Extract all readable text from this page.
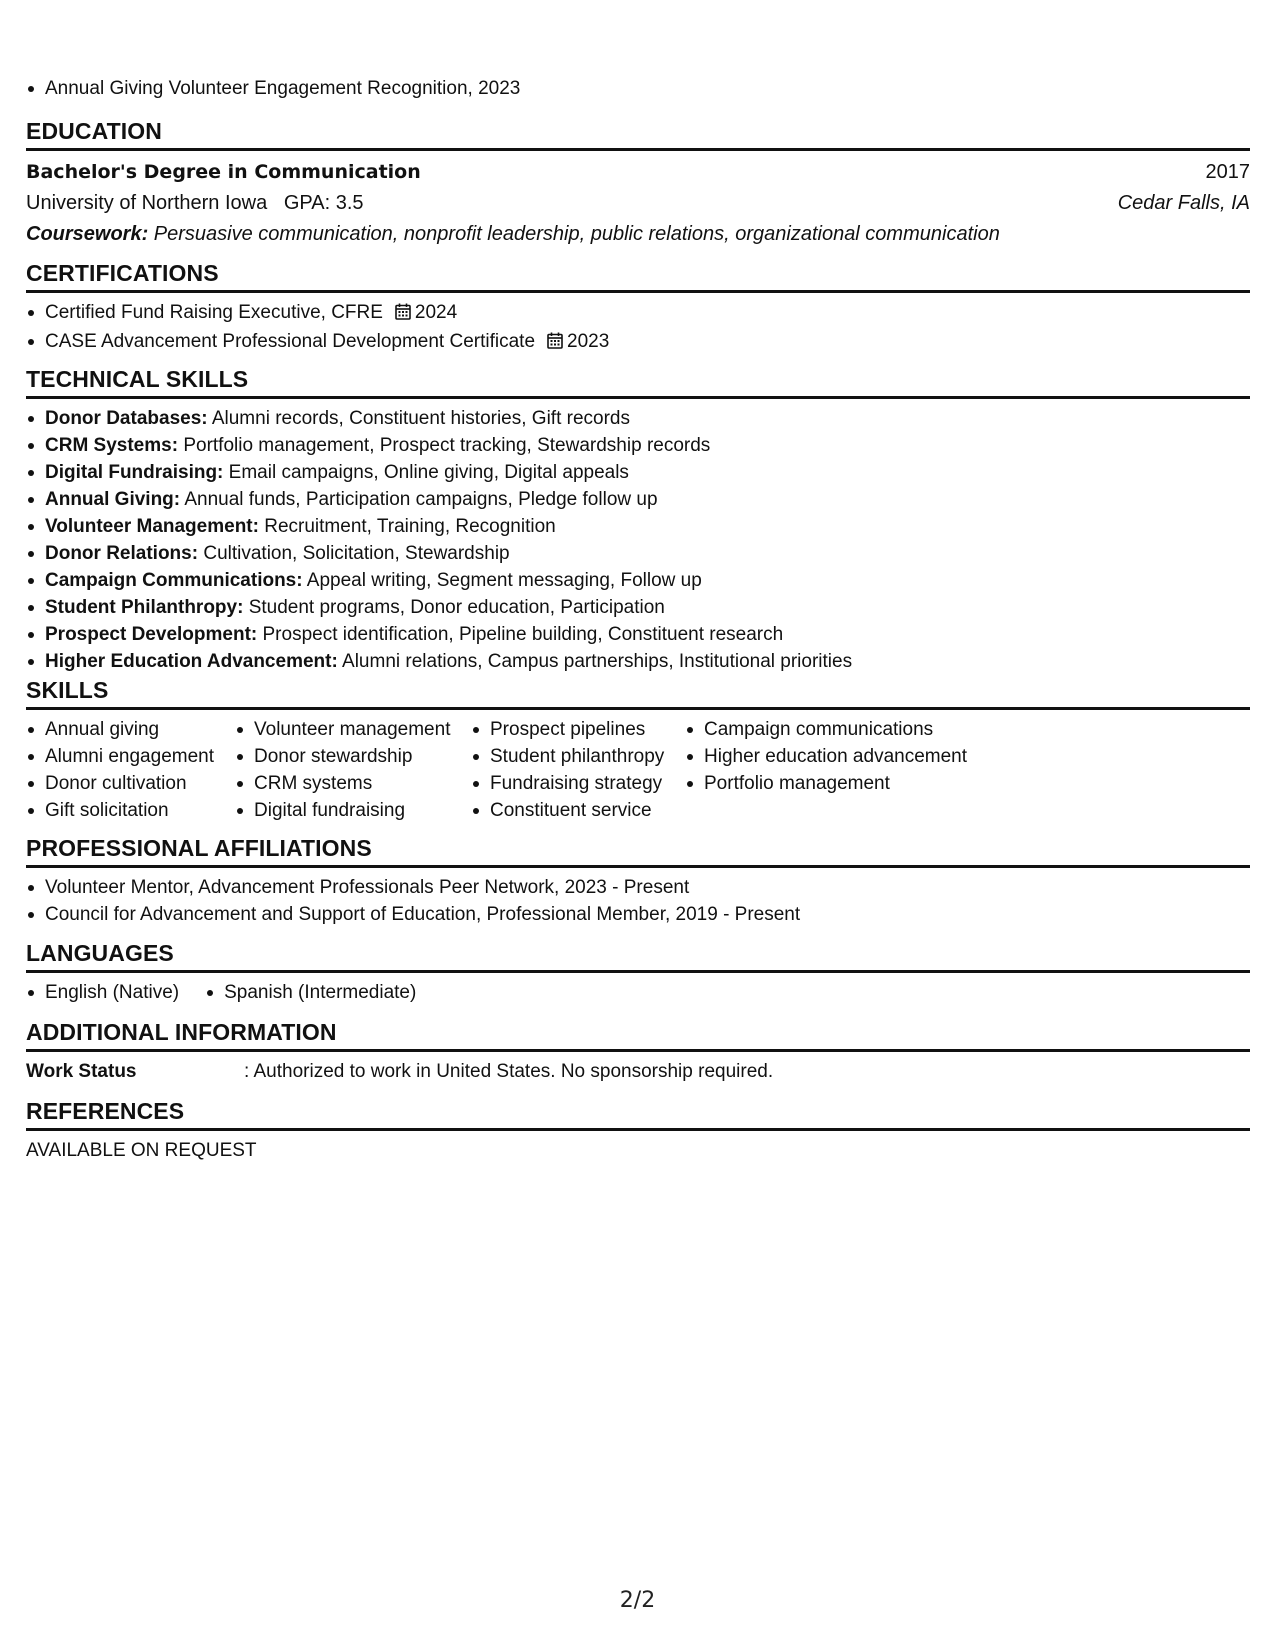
Annual Giving Volunteer Engagement Recognition, 2023
EDUCATION
Bachelor's Degree in Communication	2017
University of Northern Iowa   GPA: 3.5	Cedar Falls, IA
Coursework: Persuasive communication, nonprofit leadership, public relations, organizational communication
CERTIFICATIONS
Certified Fund Raising Executive, CFRE 2024
CASE Advancement Professional Development Certificate 2023
TECHNICAL SKILLS
Donor Databases: Alumni records, Constituent histories, Gift records
CRM Systems: Portfolio management, Prospect tracking, Stewardship records
Digital Fundraising: Email campaigns, Online giving, Digital appeals
Annual Giving: Annual funds, Participation campaigns, Pledge follow up
Volunteer Management: Recruitment, Training, Recognition
Donor Relations: Cultivation, Solicitation, Stewardship
Campaign Communications: Appeal writing, Segment messaging, Follow up
Student Philanthropy: Student programs, Donor education, Participation
Prospect Development: Prospect identification, Pipeline building, Constituent research
Higher Education Advancement: Alumni relations, Campus partnerships, Institutional priorities
SKILLS
Annual giving
Alumni engagement
Donor cultivation
Gift solicitation
Volunteer management
Donor stewardship
CRM systems
Digital fundraising
Prospect pipelines
Student philanthropy
Fundraising strategy
Constituent service
Campaign communications
Higher education advancement
Portfolio management
PROFESSIONAL AFFILIATIONS
Volunteer Mentor, Advancement Professionals Peer Network, 2023 - Present
Council for Advancement and Support of Education, Professional Member, 2019 - Present
LANGUAGES
English (Native)	Spanish (Intermediate)
ADDITIONAL INFORMATION
Work Status	: Authorized to work in United States. No sponsorship required.
REFERENCES
AVAILABLE ON REQUEST
2/2
